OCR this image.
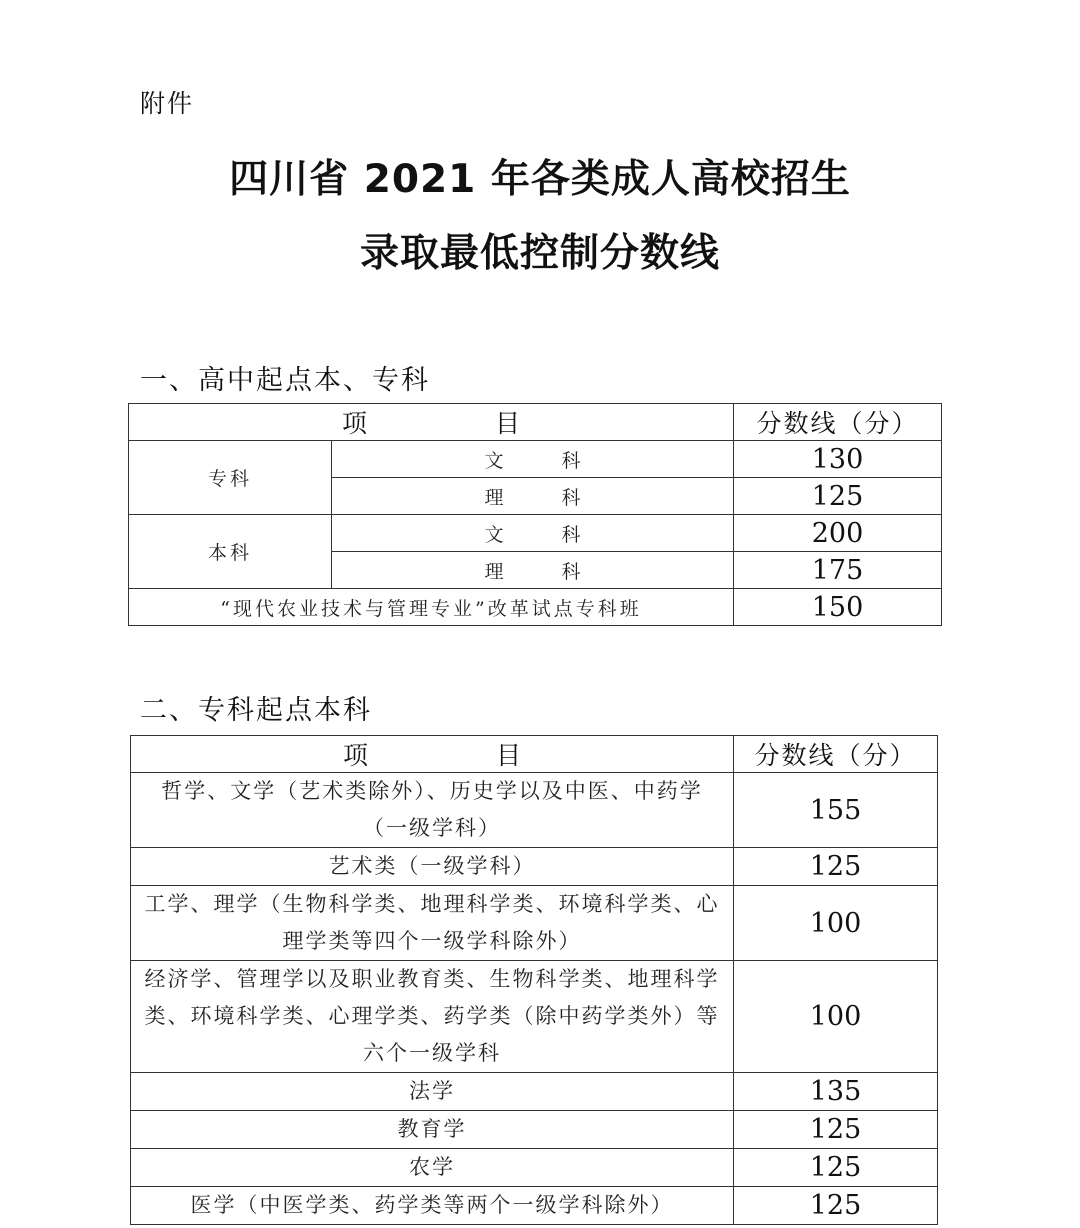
附件
四川省 2021 年各类成人高校招生
录取最低控制分数线
一、高中起点本、专科
项 目		分数线（分）
专科	文 科	130
	理 科	125
本科	文 科	200
	理 科	175
“现代农业技术与管理专业”改革试点专科班		150
二、专科起点本科
项 目	分数线（分）
哲学、文学（艺术类除外）、历史学以及中医、中药学（一级学科）	155
艺术类（一级学科）	125
工学、理学（生物科学类、地理科学类、环境科学类、心理学类等四个一级学科除外）	100
经济学、管理学以及职业教育类、生物科学类、地理科学类、环境科学类、心理学类、药学类（除中药学类外）等六个一级学科	100
法学	135
教育学	125
农学	125
医学（中医学类、药学类等两个一级学科除外）	125
